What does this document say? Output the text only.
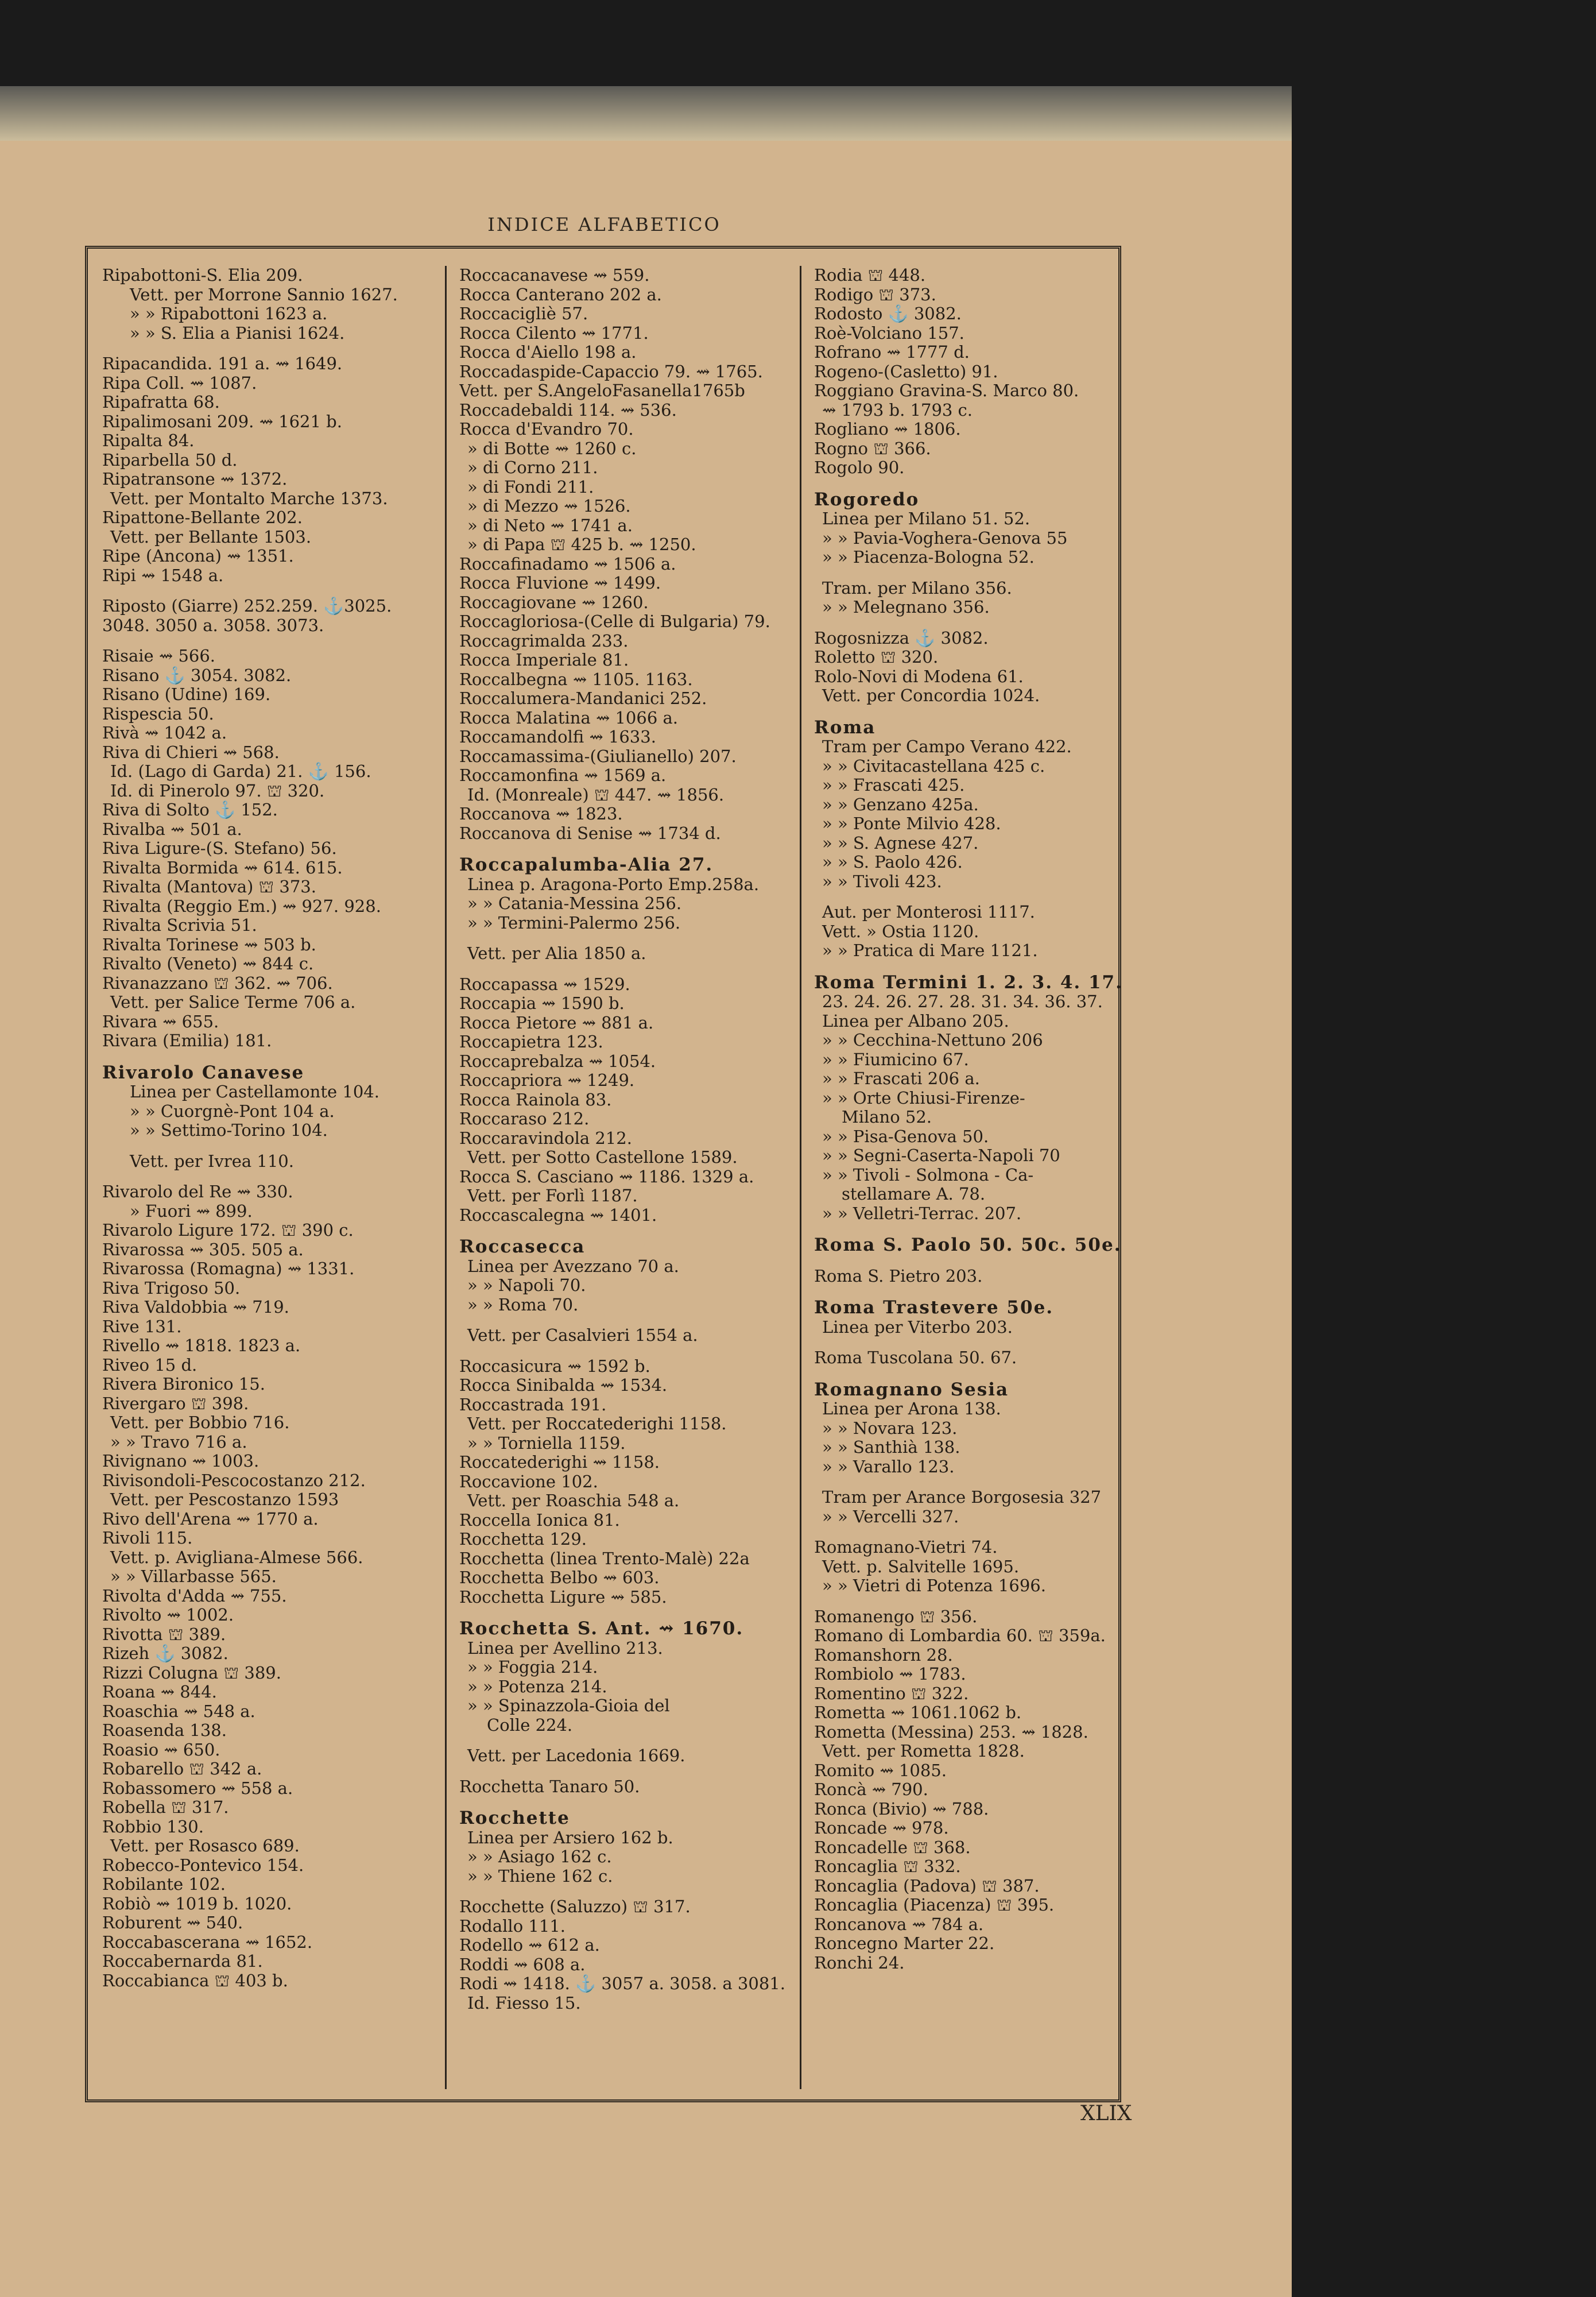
INDICE ALFABETICO
Ripabottoni-S. Elia 209.
Vett. per Morrone Sannio 1627.
» » Ripabottoni 1623 a.
» » S. Elia a Pianisi 1624.
Ripacandida. 191 a. ⇝ 1649.
Ripa Coll. ⇝ 1087.
Ripafratta 68.
Ripalimosani 209. ⇝ 1621 b.
Ripalta 84.
Riparbella 50 d.
Ripatransone ⇝ 1372.
Vett. per Montalto Marche 1373.
Ripattone-Bellante 202.
Vett. per Bellante 1503.
Ripe (Ancona) ⇝ 1351.
Ripi ⇝ 1548 a.
Riposto (Giarre) 252.259. ⚓3025.
3048. 3050 a. 3058. 3073.
Risaie ⇝ 566.
Risano ⚓ 3054. 3082.
Risano (Udine) 169.
Rispescia 50.
Rivà ⇝ 1042 a.
Riva di Chieri ⇝ 568.
Id. (Lago di Garda) 21. ⚓ 156.
Id. di Pinerolo 97. ⛫ 320.
Riva di Solto ⚓ 152.
Rivalba ⇝ 501 a.
Riva Ligure-(S. Stefano) 56.
Rivalta Bormida ⇝ 614. 615.
Rivalta (Mantova) ⛫ 373.
Rivalta (Reggio Em.) ⇝ 927. 928.
Rivalta Scrivia 51.
Rivalta Torinese ⇝ 503 b.
Rivalto (Veneto) ⇝ 844 c.
Rivanazzano ⛫ 362. ⇝ 706.
Vett. per Salice Terme 706 a.
Rivara ⇝ 655.
Rivara (Emilia) 181.
Rivarolo Canavese
Linea per Castellamonte 104.
» » Cuorgnè-Pont 104 a.
» » Settimo-Torino 104.
Vett. per Ivrea 110.
Rivarolo del Re ⇝ 330.
» Fuori ⇝ 899.
Rivarolo Ligure 172. ⛫ 390 c.
Rivarossa ⇝ 305. 505 a.
Rivarossa (Romagna) ⇝ 1331.
Riva Trigoso 50.
Riva Valdobbia ⇝ 719.
Rive 131.
Rivello ⇝ 1818. 1823 a.
Riveo 15 d.
Rivera Bironico 15.
Rivergaro ⛫ 398.
Vett. per Bobbio 716.
» » Travo 716 a.
Rivignano ⇝ 1003.
Rivisondoli-Pescocostanzo 212.
Vett. per Pescostanzo 1593
Rivo dell'Arena ⇝ 1770 a.
Rivoli 115.
Vett. p. Avigliana-Almese 566.
» » Villarbasse 565.
Rivolta d'Adda ⇝ 755.
Rivolto ⇝ 1002.
Rivotta ⛫ 389.
Rizeh ⚓ 3082.
Rizzi Colugna ⛫ 389.
Roana ⇝ 844.
Roaschia ⇝ 548 a.
Roasenda 138.
Roasio ⇝ 650.
Robarello ⛫ 342 a.
Robassomero ⇝ 558 a.
Robella ⛫ 317.
Robbio 130.
Vett. per Rosasco 689.
Robecco-Pontevico 154.
Robilante 102.
Robiò ⇝ 1019 b. 1020.
Roburent ⇝ 540.
Roccabascerana ⇝ 1652.
Roccabernarda 81.
Roccabianca ⛫ 403 b.
Roccacanavese ⇝ 559.
Rocca Canterano 202 a.
Roccacigliè 57.
Rocca Cilento ⇝ 1771.
Rocca d'Aiello 198 a.
Roccadaspide-Capaccio 79. ⇝ 1765.
Vett. per S.AngeloFasanella1765b
Roccadebaldi 114. ⇝ 536.
Rocca d'Evandro 70.
» di Botte ⇝ 1260 c.
» di Corno 211.
» di Fondi 211.
» di Mezzo ⇝ 1526.
» di Neto ⇝ 1741 a.
» di Papa ⛫ 425 b. ⇝ 1250.
Roccafinadamo ⇝ 1506 a.
Rocca Fluvione ⇝ 1499.
Roccagiovane ⇝ 1260.
Roccagloriosa-(Celle di Bulgaria) 79.
Roccagrimalda 233.
Rocca Imperiale 81.
Roccalbegna ⇝ 1105. 1163.
Roccalumera-Mandanici 252.
Rocca Malatina ⇝ 1066 a.
Roccamandolfi ⇝ 1633.
Roccamassima-(Giulianello) 207.
Roccamonfina ⇝ 1569 a.
Id. (Monreale) ⛫ 447. ⇝ 1856.
Roccanova ⇝ 1823.
Roccanova di Senise ⇝ 1734 d.
Roccapalumba-Alia 27.
Linea p. Aragona-Porto Emp.258a.
» » Catania-Messina 256.
» » Termini-Palermo 256.
Vett. per Alia 1850 a.
Roccapassa ⇝ 1529.
Roccapia ⇝ 1590 b.
Rocca Pietore ⇝ 881 a.
Roccapietra 123.
Roccaprebalza ⇝ 1054.
Roccapriora ⇝ 1249.
Rocca Rainola 83.
Roccaraso 212.
Roccaravindola 212.
Vett. per Sotto Castellone 1589.
Rocca S. Casciano ⇝ 1186. 1329 a.
Vett. per Forlì 1187.
Roccascalegna ⇝ 1401.
Roccasecca
Linea per Avezzano 70 a.
» » Napoli 70.
» » Roma 70.
Vett. per Casalvieri 1554 a.
Roccasicura ⇝ 1592 b.
Rocca Sinibalda ⇝ 1534.
Roccastrada 191.
Vett. per Roccatederighi 1158.
» » Torniella 1159.
Roccatederighi ⇝ 1158.
Roccavione 102.
Vett. per Roaschia 548 a.
Roccella Ionica 81.
Rocchetta 129.
Rocchetta (linea Trento-Malè) 22a
Rocchetta Belbo ⇝ 603.
Rocchetta Ligure ⇝ 585.
Rocchetta S. Ant. ⇝ 1670.
Linea per Avellino 213.
» » Foggia 214.
» » Potenza 214.
» » Spinazzola-Gioia del
Colle 224.
Vett. per Lacedonia 1669.
Rocchetta Tanaro 50.
Rocchette
Linea per Arsiero 162 b.
» » Asiago 162 c.
» » Thiene 162 c.
Rocchette (Saluzzo) ⛫ 317.
Rodallo 111.
Rodello ⇝ 612 a.
Roddi ⇝ 608 a.
Rodi ⇝ 1418. ⚓ 3057 a. 3058. a 3081.
Id. Fiesso 15.
Rodia ⛫ 448.
Rodigo ⛫ 373.
Rodosto ⚓ 3082.
Roè-Volciano 157.
Rofrano ⇝ 1777 d.
Rogeno-(Casletto) 91.
Roggiano Gravina-S. Marco 80.
⇝ 1793 b. 1793 c.
Rogliano ⇝ 1806.
Rogno ⛫ 366.
Rogolo 90.
Rogoredo
Linea per Milano 51. 52.
» » Pavia-Voghera-Genova 55
» » Piacenza-Bologna 52.
Tram. per Milano 356.
» » Melegnano 356.
Rogosnizza ⚓ 3082.
Roletto ⛫ 320.
Rolo-Novi di Modena 61.
Vett. per Concordia 1024.
Roma
Tram per Campo Verano 422.
» » Civitacastellana 425 c.
» » Frascati 425.
» » Genzano 425a.
» » Ponte Milvio 428.
» » S. Agnese 427.
» » S. Paolo 426.
» » Tivoli 423.
Aut. per Monterosi 1117.
Vett. » Ostia 1120.
» » Pratica di Mare 1121.
Roma Termini 1. 2. 3. 4. 17.
23. 24. 26. 27. 28. 31. 34. 36. 37.
Linea per Albano 205.
» » Cecchina-Nettuno 206
» » Fiumicino 67.
» » Frascati 206 a.
» » Orte Chiusi-Firenze-
Milano 52.
» » Pisa-Genova 50.
» » Segni-Caserta-Napoli 70
» » Tivoli - Solmona - Ca-
stellamare A. 78.
» » Velletri-Terrac. 207.
Roma S. Paolo 50. 50c. 50e.
Roma S. Pietro 203.
Roma Trastevere 50e.
Linea per Viterbo 203.
Roma Tuscolana 50. 67.
Romagnano Sesia
Linea per Arona 138.
» » Novara 123.
» » Santhià 138.
» » Varallo 123.
Tram per Arance Borgosesia 327
» » Vercelli 327.
Romagnano-Vietri 74.
Vett. p. Salvitelle 1695.
» » Vietri di Potenza 1696.
Romanengo ⛫ 356.
Romano di Lombardia 60. ⛫ 359a.
Romanshorn 28.
Rombiolo ⇝ 1783.
Romentino ⛫ 322.
Rometta ⇝ 1061.1062 b.
Rometta (Messina) 253. ⇝ 1828.
Vett. per Rometta 1828.
Romito ⇝ 1085.
Roncà ⇝ 790.
Ronca (Bivio) ⇝ 788.
Roncade ⇝ 978.
Roncadelle ⛫ 368.
Roncaglia ⛫ 332.
Roncaglia (Padova) ⛫ 387.
Roncaglia (Piacenza) ⛫ 395.
Roncanova ⇝ 784 a.
Roncegno Marter 22.
Ronchi 24.
XLIX
